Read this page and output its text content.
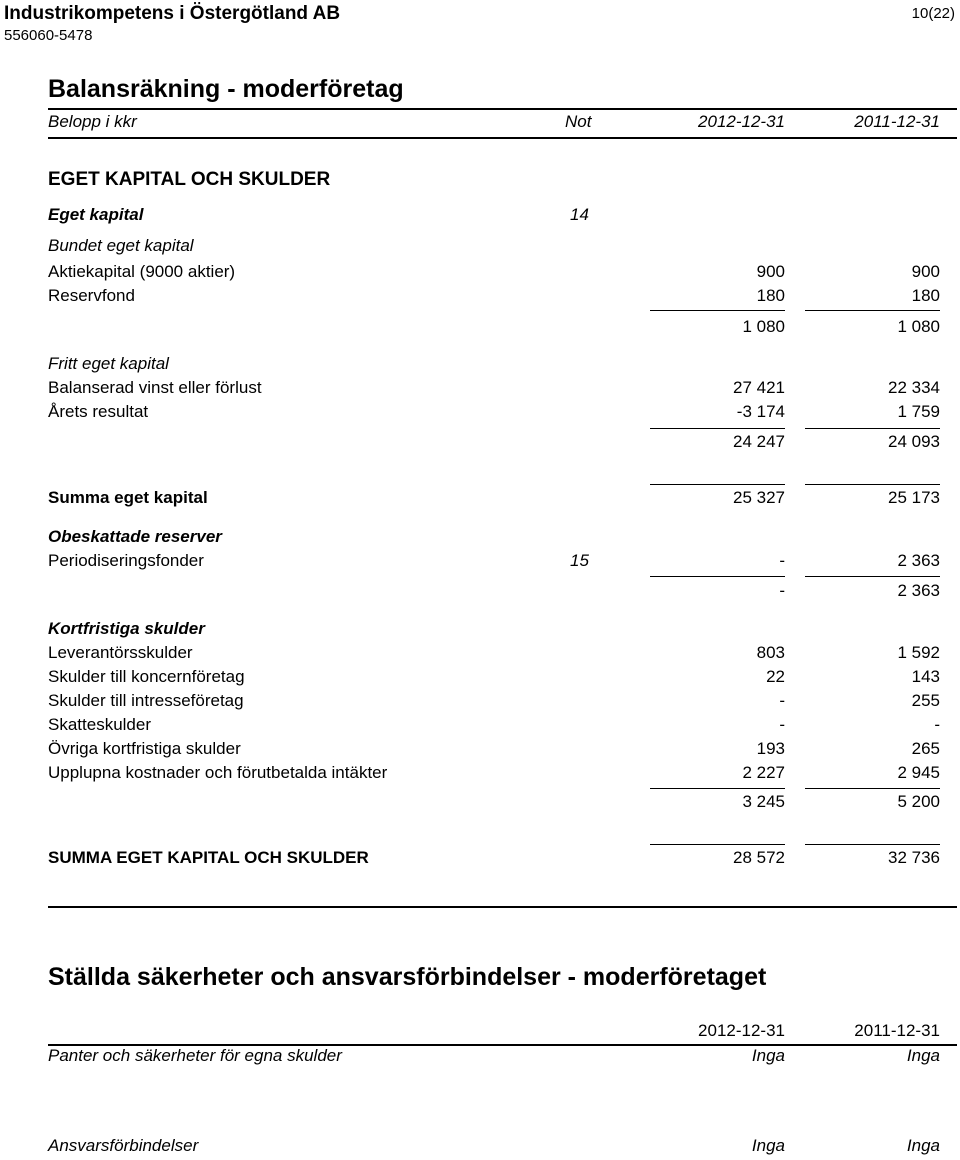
Industrikompetens i Östergötland AB
556060-5478
10(22)
Balansräkning - moderföretag
Belopp i kkr	Not	2012-12-31	2011-12-31
EGET KAPITAL OCH SKULDER
Eget kapital	14
Bundet eget kapital
Aktiekapital (9000 aktier)	900	900
Reservfond	180	180
1 080	1 080
Fritt eget kapital
Balanserad vinst eller förlust	27 421	22 334
Årets resultat	-3 174	1 759
24 247	24 093
Summa eget kapital	25 327	25 173
Obeskattade reserver
Periodiseringsfonder	15	-	2 363
-	2 363
Kortfristiga skulder
Leverantörsskulder	803	1 592
Skulder till koncernföretag	22	143
Skulder till intresseföretag	-	255
Skatteskulder	-	-
Övriga kortfristiga skulder	193	265
Upplupna kostnader och förutbetalda intäkter	2 227	2 945
3 245	5 200
SUMMA EGET KAPITAL OCH SKULDER	28 572	32 736
Ställda säkerheter och ansvarsförbindelser - moderföretaget
2012-12-31	2011-12-31
Panter och säkerheter för egna skulder	Inga	Inga
Ansvarsförbindelser	Inga	Inga
